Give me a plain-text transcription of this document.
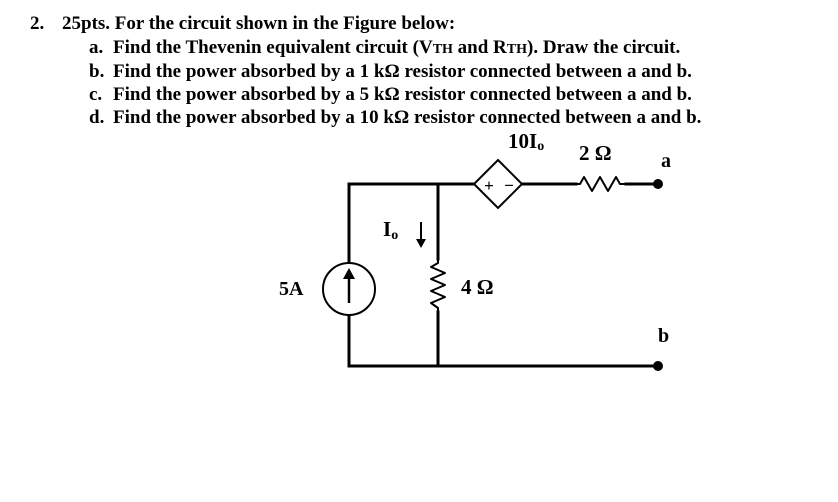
2. 25pts. For the circuit shown in the Figure below:
a. Find the Thevenin equivalent circuit (VTH and RTH). Draw the circuit.
b. Find the power absorbed by a 1 kΩ resistor connected between a and b.
c. Find the power absorbed by a 5 kΩ resistor connected between a and b.
d. Find the power absorbed by a 10 kΩ resistor connected between a and b.
+ −
10Io 2 Ω a
b
4 Ω
5A
Io
